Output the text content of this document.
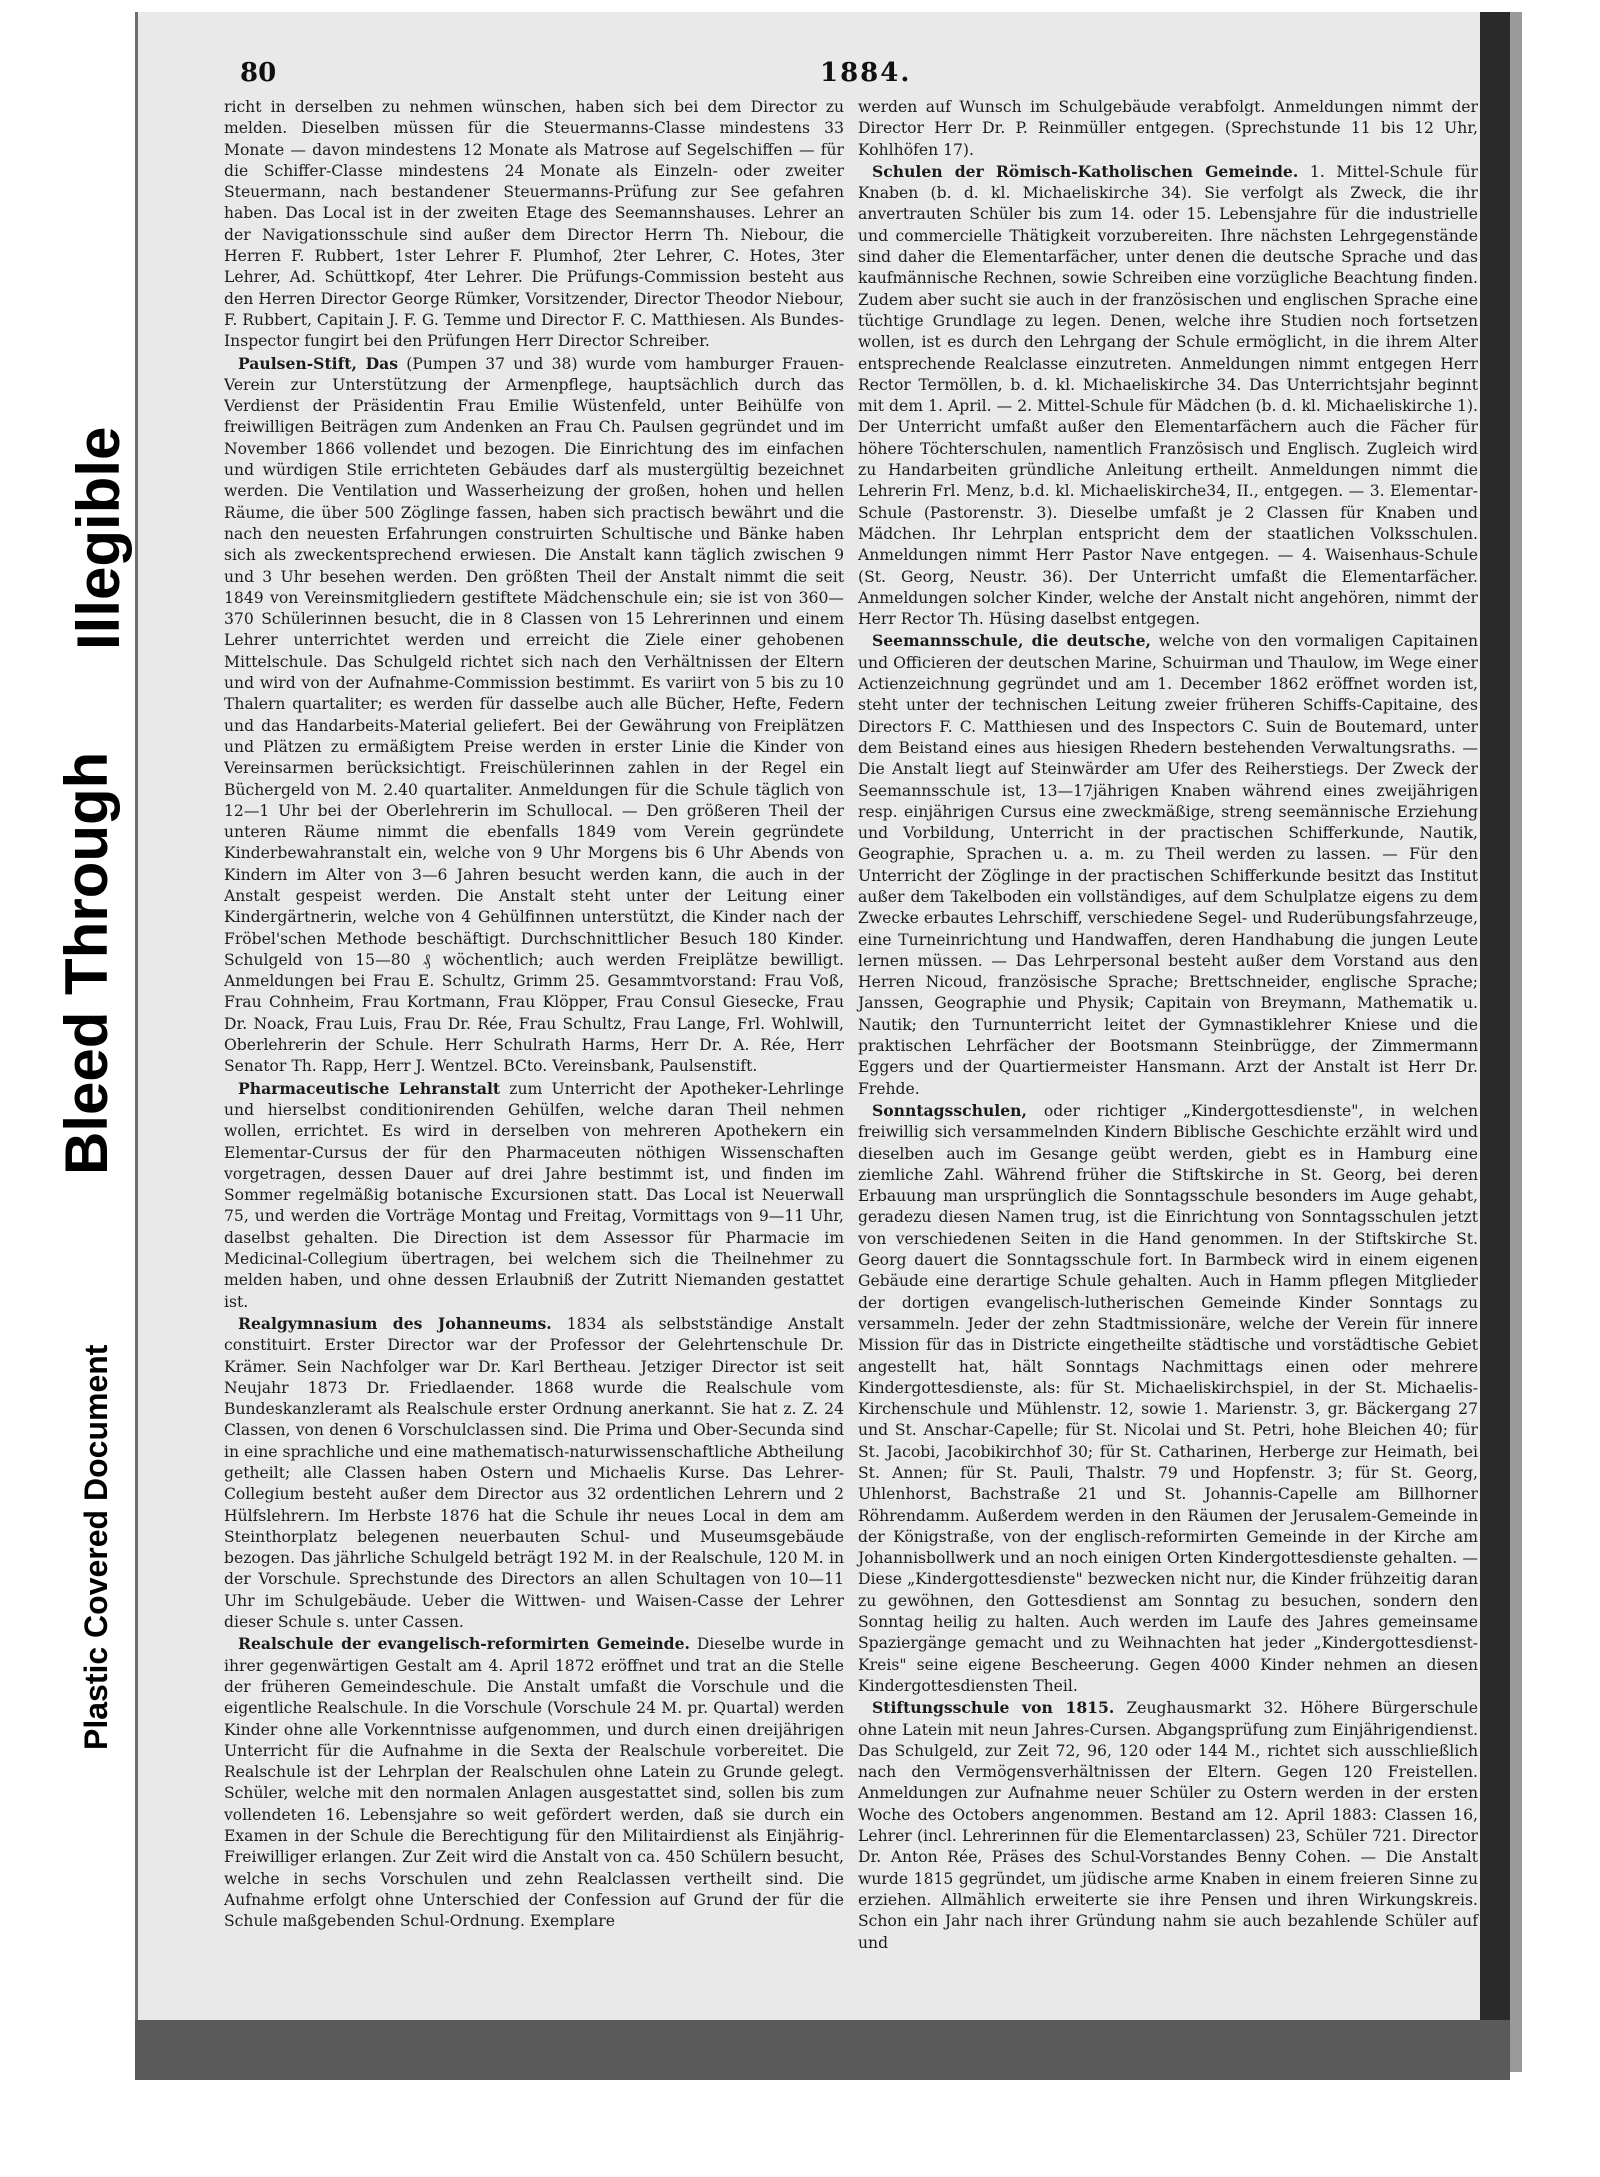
Bleed Through
Illegible
Plastic Covered Document
80	1884.

richt in derselben zu nehmen wünschen, haben sich bei dem Director zu melden. Dieselben müssen für die Steuermanns-Classe mindestens 33 Monate — davon mindestens 12 Monate als Matrose auf Segelschiffen — für die Schiffer-Classe mindestens 24 Monate als Einzeln- oder zweiter Steuermann, nach bestandener Steuermanns-Prüfung zur See gefahren haben. Das Local ist in der zweiten Etage des Seemannshauses. Lehrer an der Navigationsschule sind außer dem Director Herrn Th. Niebour, die Herren F. Rubbert, 1ster Lehrer F. Plumhof, 2ter Lehrer, C. Hotes, 3ter Lehrer, Ad. Schüttkopf, 4ter Lehrer. Die Prüfungs-Commission besteht aus den Herren Director George Rümker, Vorsitzender, Director Theodor Niebour, F. Rubbert, Capitain J. F. G. Temme und Director F. C. Matthiesen. Als Bundes-Inspector fungirt bei den Prüfungen Herr Director Schreiber.

Paulsen-Stift, Das (Pumpen 37 und 38) wurde vom hamburger Frauen-Verein zur Unterstützung der Armenpflege, hauptsächlich durch das Verdienst der Präsidentin Frau Emilie Wüstenfeld, unter Beihülfe von freiwilligen Beiträgen zum Andenken an Frau Ch. Paulsen gegründet und im November 1866 vollendet und bezogen. Die Einrichtung des im einfachen und würdigen Stile errichteten Gebäudes darf als mustergültig bezeichnet werden. Die Ventilation und Wasserheizung der großen, hohen und hellen Räume, die über 500 Zöglinge fassen, haben sich practisch bewährt und die nach den neuesten Erfahrungen construirten Schultische und Bänke haben sich als zweckentsprechend erwiesen. Die Anstalt kann täglich zwischen 9 und 3 Uhr besehen werden. Den größten Theil der Anstalt nimmt die seit 1849 von Vereinsmitgliedern gestiftete Mädchenschule ein; sie ist von 360—370 Schülerinnen besucht, die in 8 Classen von 15 Lehrerinnen und einem Lehrer unterrichtet werden und erreicht die Ziele einer gehobenen Mittelschule. Das Schulgeld richtet sich nach den Verhältnissen der Eltern und wird von der Aufnahme-Commission bestimmt. Es variirt von 5 bis zu 10 Thalern quartaliter; es werden für dasselbe auch alle Bücher, Hefte, Federn und das Handarbeits-Material geliefert. Bei der Gewährung von Freiplätzen und Plätzen zu ermäßigtem Preise werden in erster Linie die Kinder von Vereinsarmen berücksichtigt. Freischülerinnen zahlen in der Regel ein Büchergeld von M. 2.40 quartaliter. Anmeldungen für die Schule täglich von 12—1 Uhr bei der Oberlehrerin im Schullocal. — Den größeren Theil der unteren Räume nimmt die ebenfalls 1849 vom Verein gegründete Kinderbewahranstalt ein, welche von 9 Uhr Morgens bis 6 Uhr Abends von Kindern im Alter von 3—6 Jahren besucht werden kann, die auch in der Anstalt gespeist werden. Die Anstalt steht unter der Leitung einer Kindergärtnerin, welche von 4 Gehülfinnen unterstützt, die Kinder nach der Fröbel'schen Methode beschäftigt. Durchschnittlicher Besuch 180 Kinder. Schulgeld von 15—80 ₰ wöchentlich; auch werden Freiplätze bewilligt. Anmeldungen bei Frau E. Schultz, Grimm 25. Gesammtvorstand: Frau Voß, Frau Cohnheim, Frau Kortmann, Frau Klöpper, Frau Consul Giesecke, Frau Dr. Noack, Frau Luis, Frau Dr. Rée, Frau Schultz, Frau Lange, Frl. Wohlwill, Oberlehrerin der Schule. Herr Schulrath Harms, Herr Dr. A. Rée, Herr Senator Th. Rapp, Herr J. Wentzel. BCto. Vereinsbank, Paulsenstift.

Pharmaceutische Lehranstalt zum Unterricht der Apotheker-Lehrlinge und hierselbst conditionirenden Gehülfen, welche daran Theil nehmen wollen, errichtet. Es wird in derselben von mehreren Apothekern ein Elementar-Cursus der für den Pharmaceuten nöthigen Wissenschaften vorgetragen, dessen Dauer auf drei Jahre bestimmt ist, und finden im Sommer regelmäßig botanische Excursionen statt. Das Local ist Neuerwall 75, und werden die Vorträge Montag und Freitag, Vormittags von 9—11 Uhr, daselbst gehalten. Die Direction ist dem Assessor für Pharmacie im Medicinal-Collegium übertragen, bei welchem sich die Theilnehmer zu melden haben, und ohne dessen Erlaubniß der Zutritt Niemanden gestattet ist.

Realgymnasium des Johanneums. 1834 als selbstständige Anstalt constituirt. Erster Director war der Professor der Gelehrtenschule Dr. Krämer. Sein Nachfolger war Dr. Karl Bertheau. Jetziger Director ist seit Neujahr 1873 Dr. Friedlaender. 1868 wurde die Realschule vom Bundeskanzleramt als Realschule erster Ordnung anerkannt. Sie hat z. Z. 24 Classen, von denen 6 Vorschulclassen sind. Die Prima und Ober-Secunda sind in eine sprachliche und eine mathematisch-naturwissenschaftliche Abtheilung getheilt; alle Classen haben Ostern und Michaelis Kurse. Das Lehrer-Collegium besteht außer dem Director aus 32 ordentlichen Lehrern und 2 Hülfslehrern. Im Herbste 1876 hat die Schule ihr neues Local in dem am Steinthorplatz belegenen neuerbauten Schul- und Museumsgebäude bezogen. Das jährliche Schulgeld beträgt 192 M. in der Realschule, 120 M. in der Vorschule. Sprechstunde des Directors an allen Schultagen von 10—11 Uhr im Schulgebäude. Ueber die Wittwen- und Waisen-Casse der Lehrer dieser Schule s. unter Cassen.

Realschule der evangelisch-reformirten Gemeinde. Dieselbe wurde in ihrer gegenwärtigen Gestalt am 4. April 1872 eröffnet und trat an die Stelle der früheren Gemeindeschule. Die Anstalt umfaßt die Vorschule und die eigentliche Realschule. In die Vorschule (Vorschule 24 M. pr. Quartal) werden Kinder ohne alle Vorkenntnisse aufgenommen, und durch einen dreijährigen Unterricht für die Aufnahme in die Sexta der Realschule vorbereitet. Die Realschule ist der Lehrplan der Realschulen ohne Latein zu Grunde gelegt. Schüler, welche mit den normalen Anlagen ausgestattet sind, sollen bis zum vollendeten 16. Lebensjahre so weit gefördert werden, daß sie durch ein Examen in der Schule die Berechtigung für den Militairdienst als Einjährig-Freiwilliger erlangen. Zur Zeit wird die Anstalt von ca. 450 Schülern besucht, welche in sechs Vorschulen und zehn Realclassen vertheilt sind. Die Aufnahme erfolgt ohne Unterschied der Confession auf Grund der für die Schule maßgebenden Schul-Ordnung. Exemplare

werden auf Wunsch im Schulgebäude verabfolgt. Anmeldungen nimmt der Director Herr Dr. P. Reinmüller entgegen. (Sprechstunde 11 bis 12 Uhr, Kohlhöfen 17).

Schulen der Römisch-Katholischen Gemeinde. 1. Mittel-Schule für Knaben (b. d. kl. Michaeliskirche 34). Sie verfolgt als Zweck, die ihr anvertrauten Schüler bis zum 14. oder 15. Lebensjahre für die industrielle und commercielle Thätigkeit vorzubereiten. Ihre nächsten Lehrgegenstände sind daher die Elementarfächer, unter denen die deutsche Sprache und das kaufmännische Rechnen, sowie Schreiben eine vorzügliche Beachtung finden. Zudem aber sucht sie auch in der französischen und englischen Sprache eine tüchtige Grundlage zu legen. Denen, welche ihre Studien noch fortsetzen wollen, ist es durch den Lehrgang der Schule ermöglicht, in die ihrem Alter entsprechende Realclasse einzutreten. Anmeldungen nimmt entgegen Herr Rector Termöllen, b. d. kl. Michaeliskirche 34. Das Unterrichtsjahr beginnt mit dem 1. April. — 2. Mittel-Schule für Mädchen (b. d. kl. Michaeliskirche 1). Der Unterricht umfaßt außer den Elementarfächern auch die Fächer für höhere Töchterschulen, namentlich Französisch und Englisch. Zugleich wird zu Handarbeiten gründliche Anleitung ertheilt. Anmeldungen nimmt die Lehrerin Frl. Menz, b.d. kl. Michaeliskirche34, II., entgegen. — 3. Elementar-Schule (Pastorenstr. 3). Dieselbe umfaßt je 2 Classen für Knaben und Mädchen. Ihr Lehrplan entspricht dem der staatlichen Volksschulen. Anmeldungen nimmt Herr Pastor Nave entgegen. — 4. Waisenhaus-Schule (St. Georg, Neustr. 36). Der Unterricht umfaßt die Elementarfächer. Anmeldungen solcher Kinder, welche der Anstalt nicht angehören, nimmt der Herr Rector Th. Hüsing daselbst entgegen.

Seemannsschule, die deutsche, welche von den vormaligen Capitainen und Officieren der deutschen Marine, Schuirman und Thaulow, im Wege einer Actienzeichnung gegründet und am 1. December 1862 eröffnet worden ist, steht unter der technischen Leitung zweier früheren Schiffs-Capitaine, des Directors F. C. Matthiesen und des Inspectors C. Suin de Boutemard, unter dem Beistand eines aus hiesigen Rhedern bestehenden Verwaltungsraths. — Die Anstalt liegt auf Steinwärder am Ufer des Reiherstiegs. Der Zweck der Seemannsschule ist, 13—17jährigen Knaben während eines zweijährigen resp. einjährigen Cursus eine zweckmäßige, streng seemännische Erziehung und Vorbildung, Unterricht in der practischen Schifferkunde, Nautik, Geographie, Sprachen u. a. m. zu Theil werden zu lassen. — Für den Unterricht der Zöglinge in der practischen Schifferkunde besitzt das Institut außer dem Takelboden ein vollständiges, auf dem Schulplatze eigens zu dem Zwecke erbautes Lehrschiff, verschiedene Segel- und Ruderübungsfahrzeuge, eine Turneinrichtung und Handwaffen, deren Handhabung die jungen Leute lernen müssen. — Das Lehrpersonal besteht außer dem Vorstand aus den Herren Nicoud, französische Sprache; Brettschneider, englische Sprache; Janssen, Geographie und Physik; Capitain von Breymann, Mathematik u. Nautik; den Turnunterricht leitet der Gymnastiklehrer Kniese und die praktischen Lehrfächer der Bootsmann Steinbrügge, der Zimmermann Eggers und der Quartiermeister Hansmann. Arzt der Anstalt ist Herr Dr. Frehde.

Sonntagsschulen, oder richtiger „Kindergottesdienste", in welchen freiwillig sich versammelnden Kindern Biblische Geschichte erzählt wird und dieselben auch im Gesange geübt werden, giebt es in Hamburg eine ziemliche Zahl. Während früher die Stiftskirche in St. Georg, bei deren Erbauung man ursprünglich die Sonntagsschule besonders im Auge gehabt, geradezu diesen Namen trug, ist die Einrichtung von Sonntagsschulen jetzt von verschiedenen Seiten in die Hand genommen. In der Stiftskirche St. Georg dauert die Sonntagsschule fort. In Barmbeck wird in einem eigenen Gebäude eine derartige Schule gehalten. Auch in Hamm pflegen Mitglieder der dortigen evangelisch-lutherischen Gemeinde Kinder Sonntags zu versammeln. Jeder der zehn Stadtmissionäre, welche der Verein für innere Mission für das in Districte eingetheilte städtische und vorstädtische Gebiet angestellt hat, hält Sonntags Nachmittags einen oder mehrere Kindergottesdienste, als: für St. Michaeliskirchspiel, in der St. Michaelis-Kirchenschule und Mühlenstr. 12, sowie 1. Marienstr. 3, gr. Bäckergang 27 und St. Anschar-Capelle; für St. Nicolai und St. Petri, hohe Bleichen 40; für St. Jacobi, Jacobikirchhof 30; für St. Catharinen, Herberge zur Heimath, bei St. Annen; für St. Pauli, Thalstr. 79 und Hopfenstr. 3; für St. Georg, Uhlenhorst, Bachstraße 21 und St. Johannis-Capelle am Billhorner Röhrendamm. Außerdem werden in den Räumen der Jerusalem-Gemeinde in der Königstraße, von der englisch-reformirten Gemeinde in der Kirche am Johannisbollwerk und an noch einigen Orten Kindergottesdienste gehalten. — Diese „Kindergottesdienste" bezwecken nicht nur, die Kinder frühzeitig daran zu gewöhnen, den Gottesdienst am Sonntag zu besuchen, sondern den Sonntag heilig zu halten. Auch werden im Laufe des Jahres gemeinsame Spaziergänge gemacht und zu Weihnachten hat jeder „Kindergottesdienst-Kreis" seine eigene Bescheerung. Gegen 4000 Kinder nehmen an diesen Kindergottesdiensten Theil.

Stiftungsschule von 1815. Zeughausmarkt 32. Höhere Bürgerschule ohne Latein mit neun Jahres-Cursen. Abgangsprüfung zum Einjährigendienst. Das Schulgeld, zur Zeit 72, 96, 120 oder 144 M., richtet sich ausschließlich nach den Vermögensverhältnissen der Eltern. Gegen 120 Freistellen. Anmeldungen zur Aufnahme neuer Schüler zu Ostern werden in der ersten Woche des Octobers angenommen. Bestand am 12. April 1883: Classen 16, Lehrer (incl. Lehrerinnen für die Elementarclassen) 23, Schüler 721. Director Dr. Anton Rée, Präses des Schul-Vorstandes Benny Cohen. — Die Anstalt wurde 1815 gegründet, um jüdische arme Knaben in einem freieren Sinne zu erziehen. Allmählich erweiterte sie ihre Pensen und ihren Wirkungskreis. Schon ein Jahr nach ihrer Gründung nahm sie auch bezahlende Schüler auf und
